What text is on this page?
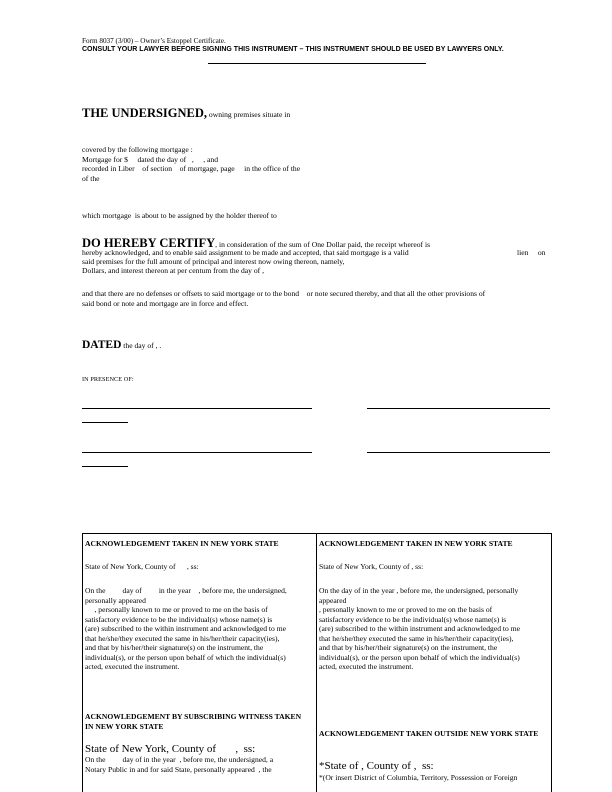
Form 8037 (3/00) – Owner’s Estoppel Certificate.
CONSULT YOUR LAWYER BEFORE SIGNING THIS INSTRUMENT – THIS INSTRUMENT SHOULD BE USED BY LAWYERS ONLY.
THE UNDERSIGNED, owning premises situate in
covered by the following mortgage :
Mortgage for $     dated the day of   ,     , and
recorded in Liber    of section    of mortgage, page     in the office of the
of the
which mortgage  is about to be assigned by the holder thereof to
DO HEREBY CERTIFY, in consideration of the sum of One Dollar paid, the receipt whereof is
hereby acknowledged, and to enable said assignment to be made and accepted, that said mortgage is a valid	lien     on
said premises for the full amount of principal and interest now owing thereon, namely,
Dollars, and interest thereon at per centum from the day of ,
and that there are no defenses or offsets to said mortgage or to the bond    or note secured thereby, and that all the other provisions of
said bond or note and mortgage are in force and effect.
DATED the day of , .
IN PRESENCE OF:
ACKNOWLEDGEMENT TAKEN IN NEW YORK STATE
State of New York, County of      , ss:
On the         day of         in the year    , before me, the undersigned,
personally appeared
, personally known to me or proved to me on the basis of
satisfactory evidence to be the individual(s) whose name(s) is
(are) subscribed to the within instrument and acknowledged to me
that he/she/they executed the same in his/her/their capacity(ies),
and that by his/her/their signature(s) on the instrument, the
individual(s), or the person upon behalf of which the individual(s)
acted, executed the instrument.
ACKNOWLEDGEMENT BY SUBSCRIBING WITNESS TAKEN IN NEW YORK STATE
State of New York, County of       ,  ss:
On the         day of in the year  , before me, the undersigned, a
Notary Public in and for said State, personally appeared  , the
ACKNOWLEDGEMENT TAKEN IN NEW YORK STATE
State of New York, County of , ss:
On the day of in the year , before me, the undersigned, personally
appeared
, personally known to me or proved to me on the basis of
satisfactory evidence to be the individual(s) whose name(s) is
(are) subscribed to the within instrument and acknowledged to me
that he/she/they executed the same in his/her/their capacity(ies),
and that by his/her/their signature(s) on the instrument, the
individual(s), or the person upon behalf of which the individual(s)
acted, executed the instrument.
ACKNOWLEDGEMENT TAKEN OUTSIDE NEW YORK STATE
*State of , County of ,  ss:
*(Or insert District of Columbia, Territory, Possession or Foreign
